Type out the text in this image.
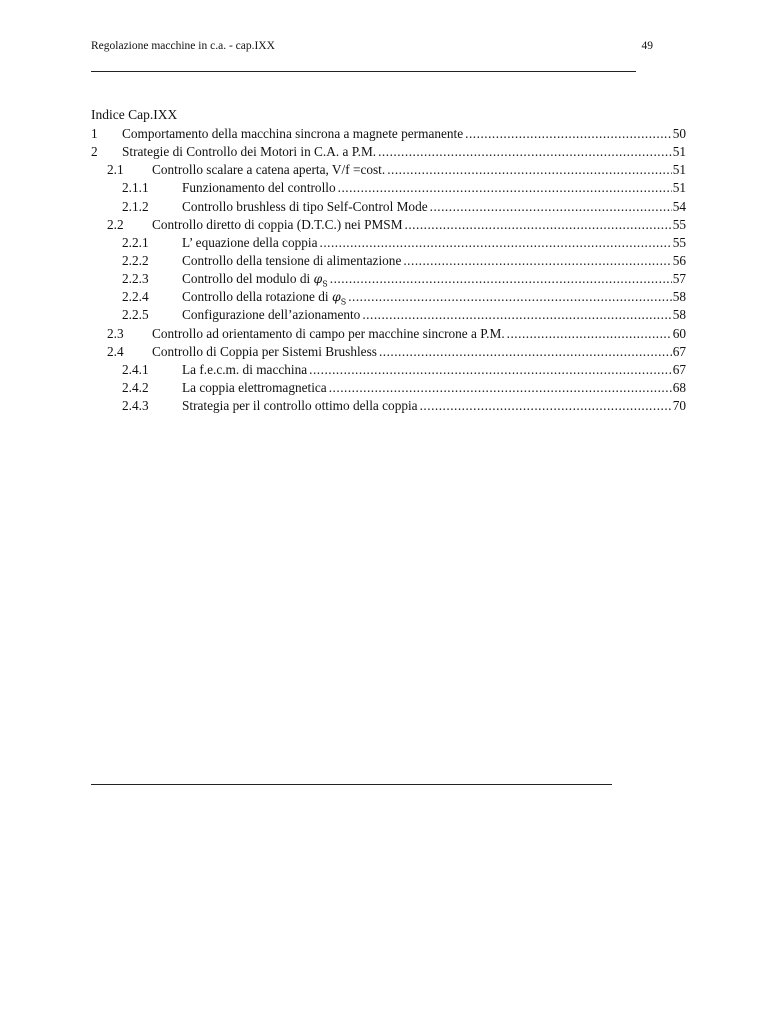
Regolazione macchine in c.a. - cap.IXX	49
Indice Cap.IXX
1 Comportamento della macchina sincrona a magnete permanente .....	50
2 Strategie di Controllo dei Motori in C.A. a P.M. .....	51
2.1 Controllo scalare a catena aperta, V/f =cost. .....	51
2.1.1	Funzionamento del controllo .....	51
2.1.2	Controllo brushless di tipo Self-Control Mode .....	54
2.2 Controllo diretto di coppia (D.T.C.) nei PMSM .....	55
2.2.1	L’ equazione della coppia .....	55
2.2.2	Controllo della tensione di alimentazione .....	56
2.2.3	Controllo del modulo di $\varphi_S$ .....	57
2.2.4	Controllo della rotazione di $\varphi_S$ .....	58
2.2.5	Configurazione dell’azionamento .....	58
2.3 Controllo ad orientamento di campo per macchine sincrone a P.M. .....	60
2.4 Controllo di Coppia per Sistemi Brushless .....	67
2.4.1	La f.e.c.m. di macchina .....	67
2.4.2	La coppia elettromagnetica .....	68
2.4.3	Strategia per il controllo ottimo della coppia .....	70
